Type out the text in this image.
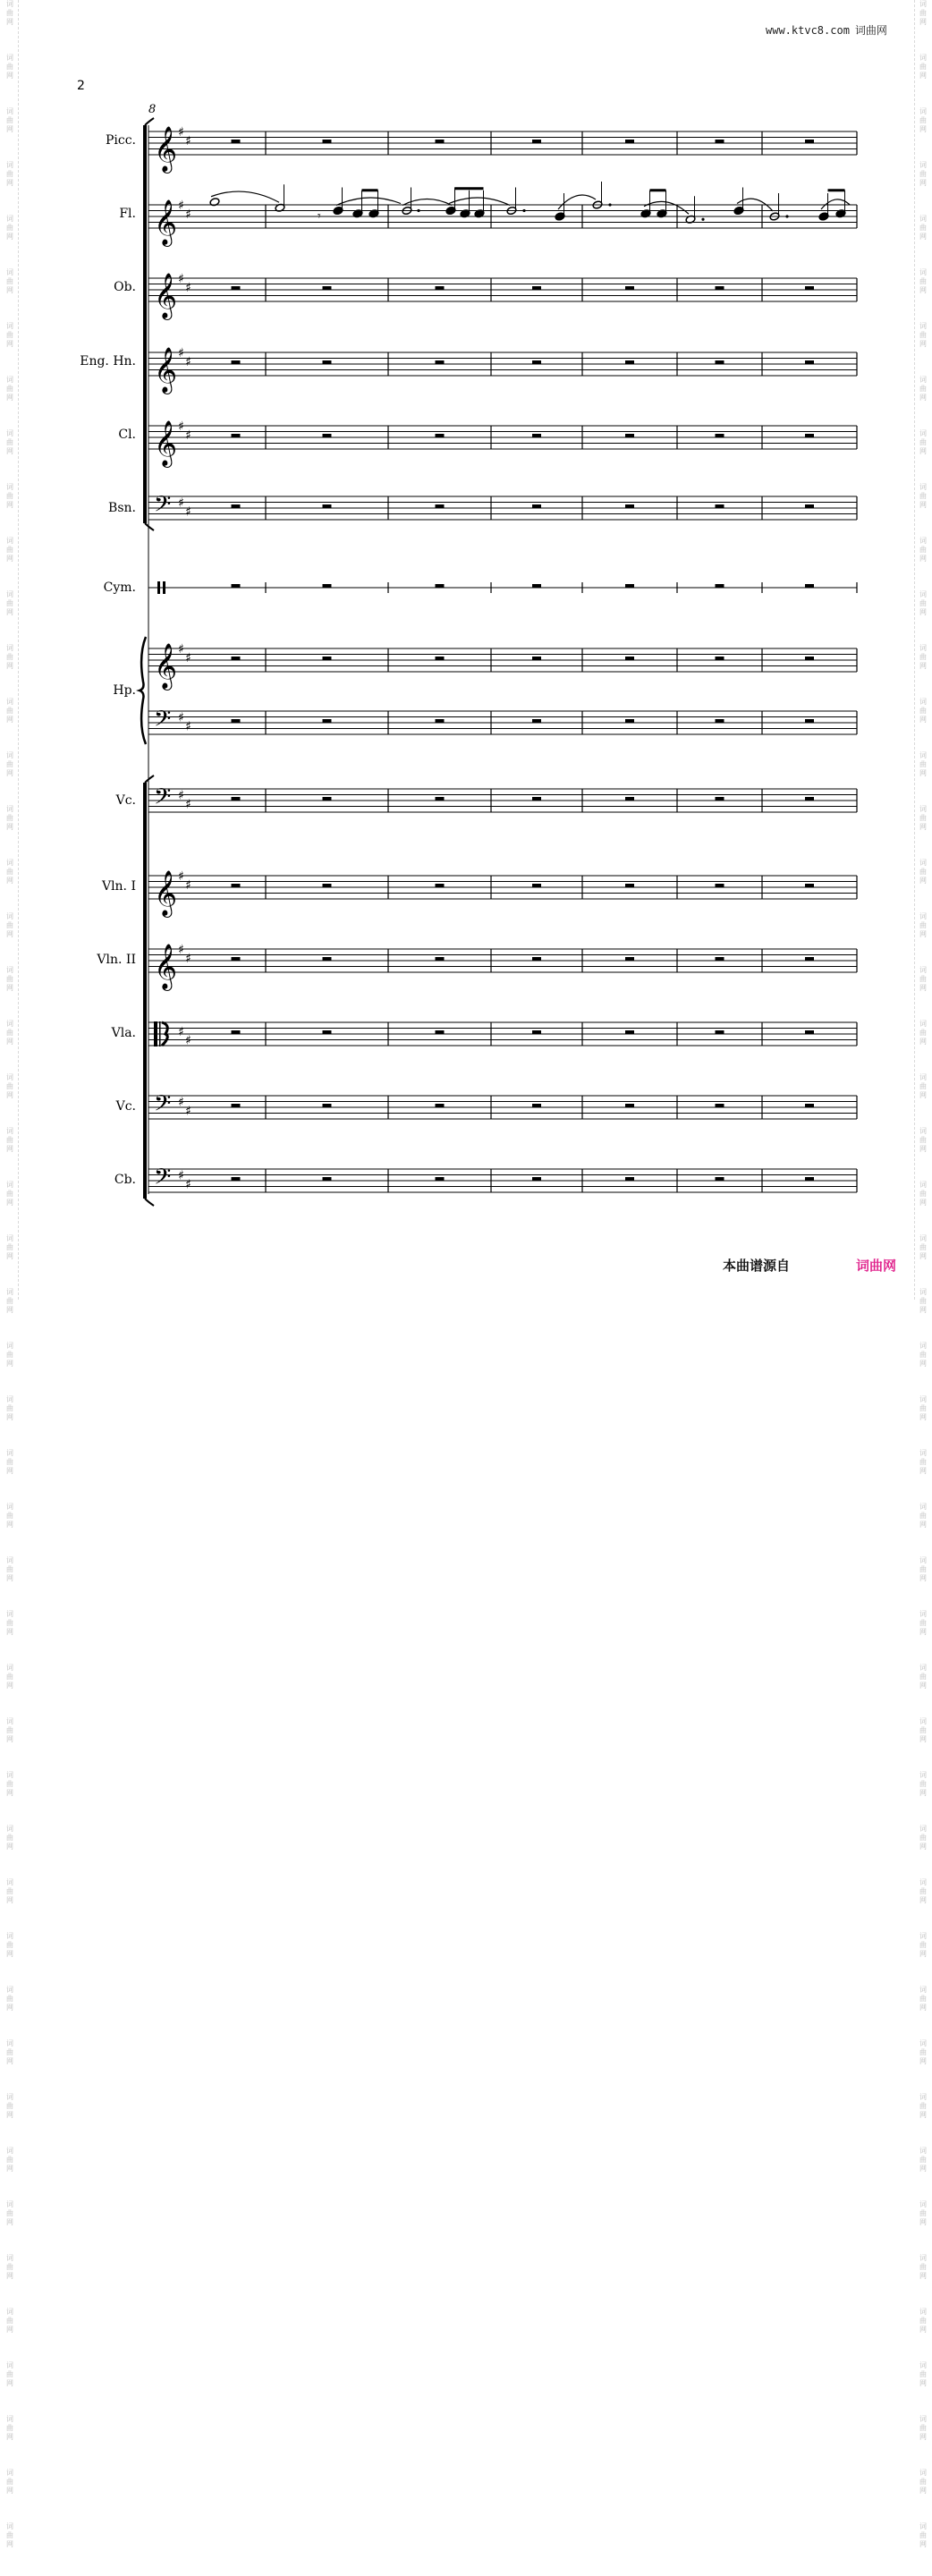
词
曲
网
词
曲
网
词
曲
网
词
曲
网
词
曲
网
词
曲
网
词
曲
网
词
曲
网
词
曲
网
词
曲
网
词
曲
网
词
曲
网
词
曲
网
词
曲
网
词
曲
网
词
曲
网
词
曲
网
词
曲
网
词
曲
网
词
曲
网
词
曲
网
词
曲
网
词
曲
网
词
曲
网
词
曲
网
词
曲
网
词
曲
网
词
曲
网
词
曲
网
词
曲
网
词
曲
网
词
曲
网
词
曲
网
词
曲
网
词
曲
网
词
曲
网
词
曲
网
词
曲
网
词
曲
网
词
曲
网
词
曲
网
词
曲
网
词
曲
网
词
曲
网
词
曲
网
词
曲
网
词
曲
网
词
曲
网
词
曲
网
词
曲
网
词
曲
网
词
曲
网
词
曲
网
词
曲
网
词
曲
网
词
曲
网
词
曲
网
词
曲
网
词
曲
网
词
曲
网
词
曲
网
词
曲
网
词
曲
网
词
曲
网
词
曲
网
词
曲
网
词
曲
网
词
曲
网
词
曲
网
词
曲
网
词
曲
网
词
曲
网
词
曲
网
词
曲
网
词
曲
网
词
曲
网
词
曲
网
词
曲
网
词
曲
网
词
曲
网
词
曲
网
词
曲
网
词
曲
网
词
曲
网
词
曲
网
词
曲
网
词
曲
网
词
曲
网
词
曲
网
词
曲
网
词
曲
网
词
曲
网
词
曲
网
词
曲
网
词
曲
网
词
曲
网
www.ktvc8.com 词曲网
2
Picc.
Fl.
Ob.
Eng. Hn.
Cl.
Bsn.
Cym.
Hp.
Vc.
Vln. I
Vln. II
Vla.
Vc.
Cb.
8
𝄞 ♯
♯
𝄞 ♯
♯
𝄞 ♯
♯
𝄞 ♯
♯
𝄞 ♯
♯
𝄢 ♯
♯
𝄞 ♯
♯
𝄢 ♯
♯
𝄢 ♯
♯
𝄞 ♯
♯
𝄞 ♯
♯
♯
♯
𝄢 ♯
♯
𝄢 ♯
♯
𝄾
本曲谱源自	词曲网
